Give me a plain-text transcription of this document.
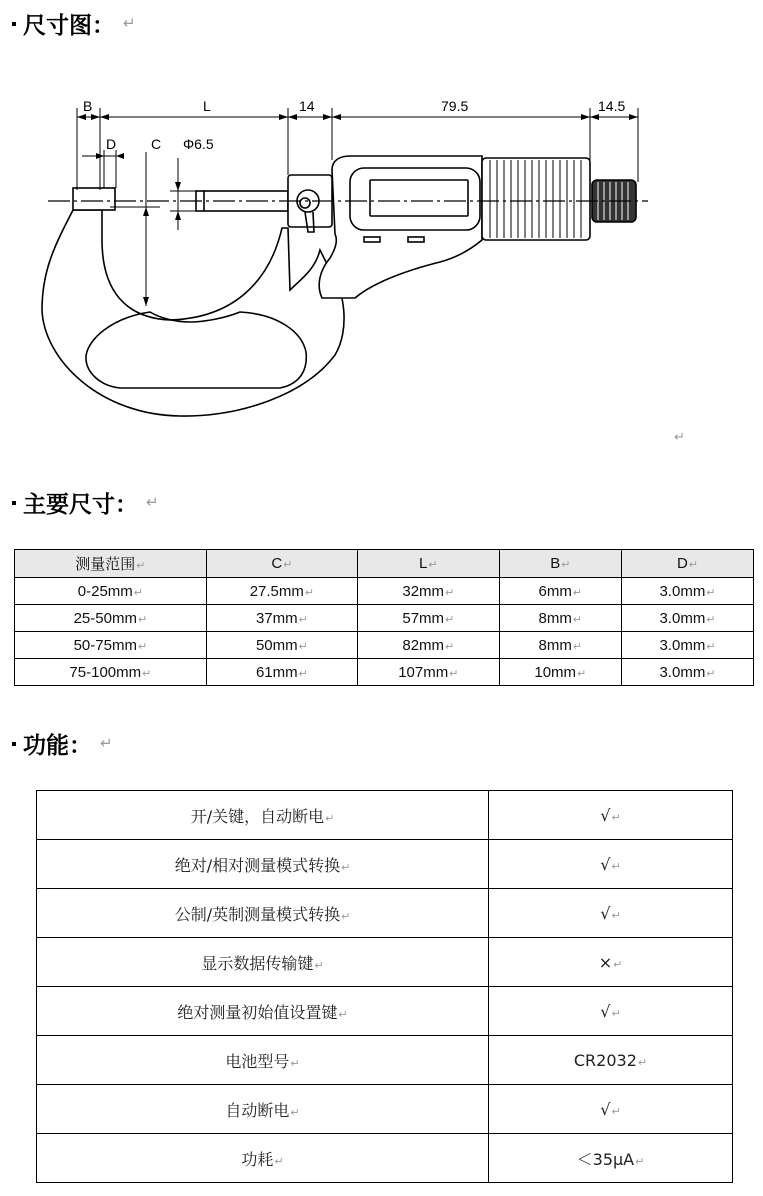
尺寸图： ↵
B	L	14	79.5	14.5
D C Φ6.5
↵
主要尺寸： ↵
测量范围↵	C↵	L↵	B↵	D↵
0-25mm↵	27.5mm↵	32mm↵	6mm↵	3.0mm↵
25-50mm↵	37mm↵	57mm↵	8mm↵	3.0mm↵
50-75mm↵	50mm↵	82mm↵	8mm↵	3.0mm↵
75-100mm↵	61mm↵	107mm↵	10mm↵	3.0mm↵
功能： ↵
开/关键，自动断电↵	√↵
绝对/相对测量模式转换↵	√↵
公制/英制测量模式转换↵	√↵
显示数据传输键↵	×↵
绝对测量初始值设置键↵	√↵
电池型号↵	CR2032↵
自动断电↵	√↵
功耗↵	＜35μA↵
